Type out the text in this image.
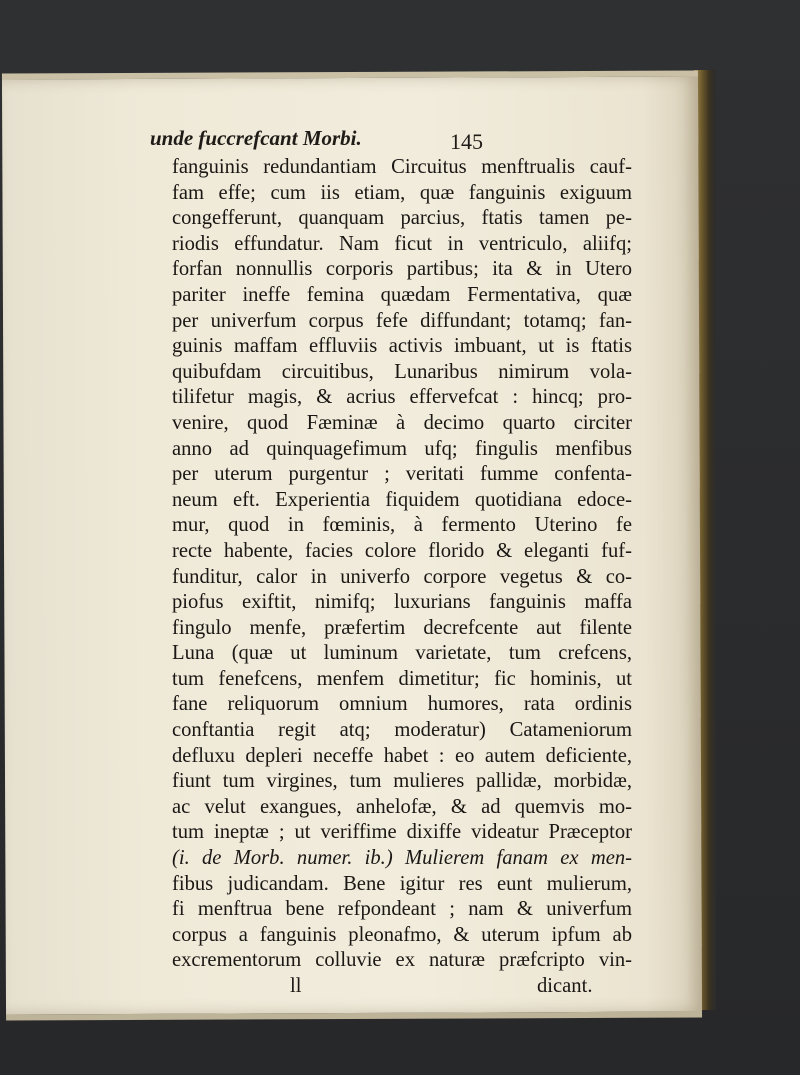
unde fuccrefcant Morbi.	145
fanguinis redundantiam Circuitus menftrualis cauf-
fam effe; cum iis etiam, quæ fanguinis exiguum
congefferunt, quanquam parcius, ftatis tamen pe-
riodis effundatur. Nam ficut in ventriculo, aliifq;
forfan nonnullis corporis partibus; ita & in Utero
pariter ineffe femina quædam Fermentativa, quæ
per univerfum corpus fefe diffundant; totamq; fan-
guinis maffam effluviis activis imbuant, ut is ftatis
quibufdam circuitibus, Lunaribus nimirum vola-
tilifetur magis, & acrius effervefcat : hincq; pro-
venire, quod Fæminæ à decimo quarto circiter
anno ad quinquagefimum ufq; fingulis menfibus
per uterum purgentur ; veritati fumme confenta-
neum eft. Experientia fiquidem quotidiana edoce-
mur, quod in fœminis, à fermento Uterino fe
recte habente, facies colore florido & eleganti fuf-
funditur, calor in univerfo corpore vegetus & co-
piofus exiftit, nimifq; luxurians fanguinis maffa
fingulo menfe, præfertim decrefcente aut filente
Luna (quæ ut luminum varietate, tum crefcens,
tum fenefcens, menfem dimetitur; fic hominis, ut
fane reliquorum omnium humores, rata ordinis
conftantia regit atq; moderatur) Catameniorum
defluxu depleri neceffe habet : eo autem deficiente,
fiunt tum virgines, tum mulieres pallidæ, morbidæ,
ac velut exangues, anhelofæ, & ad quemvis mo-
tum ineptæ ; ut veriffime dixiffe videatur Præceptor
(i. de Morb. numer. ib.) Mulierem fanam ex men-
fibus judicandam. Bene igitur res eunt mulierum,
fi menftrua bene refpondeant ; nam & univerfum
corpus a fanguinis pleonafmo, & uterum ipfum ab
excrementorum colluvie ex naturæ præfcripto vin-
ll	dicant.
